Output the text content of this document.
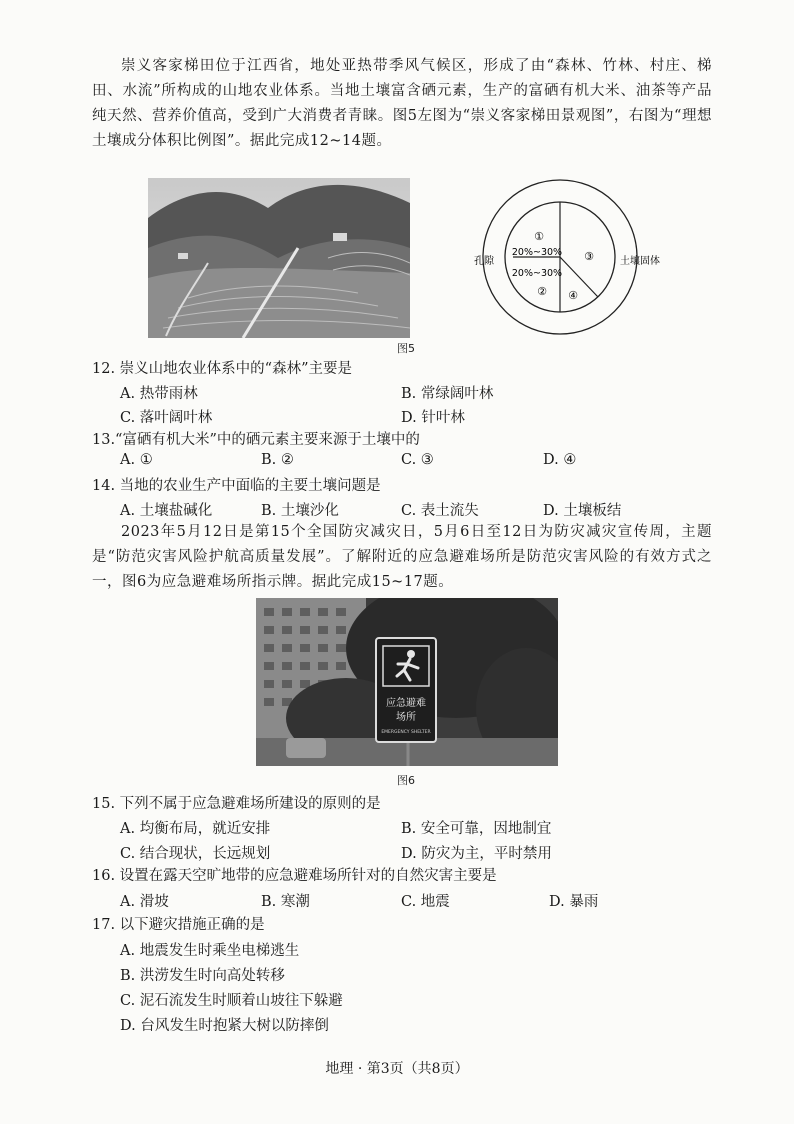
崇义客家梯田位于江西省，地处亚热带季风气候区，形成了由“森林、竹林、村庄、梯田、水流”所构成的山地农业体系。当地土壤富含硒元素，生产的富硒有机大米、油茶等产品纯天然、营养价值高，受到广大消费者青睐。图5左图为“崇义客家梯田景观图”，右图为“理想土壤成分体积比例图”。据此完成12~14题。
①
20%~30%
20%~30%
②
③
④
孔隙	土壤固体
图5
12. 崇义山地农业体系中的“森林”主要是
A. 热带雨林	B. 常绿阔叶林
C. 落叶阔叶林	D. 针叶林
13.“富硒有机大米”中的硒元素主要来源于土壤中的
A. ①	B. ②	C. ③	D. ④
14. 当地的农业生产中面临的主要土壤问题是
A. 土壤盐碱化	B. 土壤沙化	C. 表土流失	D. 土壤板结
2023年5月12日是第15个全国防灾减灾日，5月6日至12日为防灾减灾宣传周，主题是“防范灾害风险护航高质量发展”。了解附近的应急避难场所是防范灾害风险的有效方式之一，图6为应急避难场所指示牌。据此完成15~17题。
应急避难
场所
EMERGENCY SHELTER
图6
15. 下列不属于应急避难场所建设的原则的是
A. 均衡布局，就近安排	B. 安全可靠，因地制宜
C. 结合现状，长远规划	D. 防灾为主，平时禁用
16. 设置在露天空旷地带的应急避难场所针对的自然灾害主要是
A. 滑坡	B. 寒潮	C. 地震	D. 暴雨
17. 以下避灾措施正确的是
A. 地震发生时乘坐电梯逃生
B. 洪涝发生时向高处转移
C. 泥石流发生时顺着山坡往下躲避
D. 台风发生时抱紧大树以防摔倒
地理 · 第3页（共8页）
